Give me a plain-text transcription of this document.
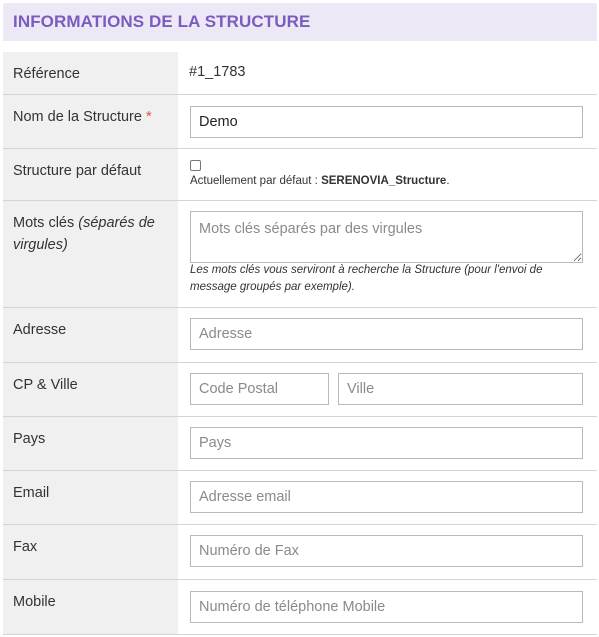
INFORMATIONS DE LA STRUCTURE
#1_1783
Référence
Demo
Nom de la Structure *
Actuellement par défaut : SERENOVIA_Structure.
Structure par défaut
Mots clés séparés par des virgules
Les mots clés vous serviront à recherche la Structure (pour l'envoi de message groupés par exemple).
Mots clés (séparés de virgules)
Adresse
Adresse
Code Postal
Ville
CP & Ville
Pays
Pays
Adresse email
Email
Numéro de Fax
Fax
Numéro de téléphone Mobile
Mobile
